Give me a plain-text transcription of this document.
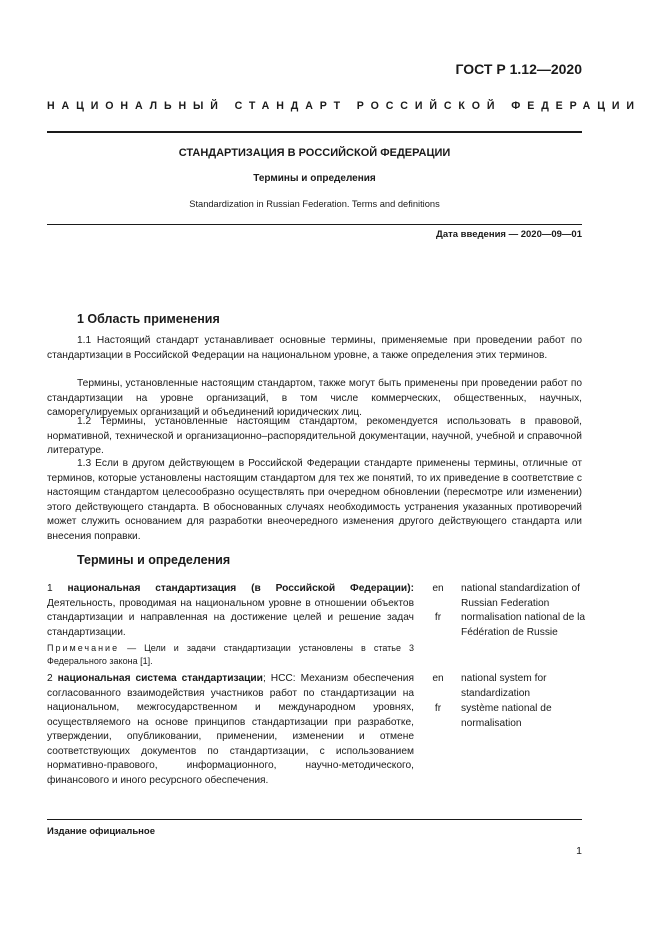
ГОСТ Р 1.12—2020
НАЦИОНАЛЬНЫЙ СТАНДАРТ РОССИЙСКОЙ ФЕДЕРАЦИИ
СТАНДАРТИЗАЦИЯ В РОССИЙСКОЙ ФЕДЕРАЦИИ
Термины и определения
Standardization in Russian Federation. Terms and definitions
Дата введения — 2020—09—01
1 Область применения

1.1 Настоящий стандарт устанавливает основные термины, применяемые при проведении работ по стандартизации в Российской Федерации на национальном уровне, а также определения этих терминов.

Термины, установленные настоящим стандартом, также могут быть применены при проведении работ по стандартизации на уровне организаций, в том числе коммерческих, общественных, научных, саморегулируемых организаций и объединений юридических лиц.

1.2 Термины, установленные настоящим стандартом, рекомендуется использовать в правовой, нормативной, технической и организационно–распорядительной документации, научной, учебной и справочной литературе.

1.3 Если в другом действующем в Российской Федерации стандарте применены термины, отличные от терминов, которые установлены настоящим стандартом для тех же понятий, то их приведение в соответствие с настоящим стандартом целесообразно осуществлять при очередном обновлении (пересмотре или изменении) этого действующего стандарта. В обоснованных случаях необходимость устранения указанных противоречий может служить основанием для разработки внеочередного изменения другого действующего стандарта или внесения поправки.

Термины и определения

1 национальная стандартизация (в Российской Федерации): Деятельность, проводимая на национальном уровне в отношении объектов стандартизации и направленная на достижение целей и решение задач стандартизации.

Примечание — Цели и задачи стандартизации установлены в статье 3 Федерального закона [1].

en	national standardization of Russian Federation
fr	normalisation national de la Fédération de Russie

2 национальная система стандартизации; НСС: Механизм обеспечения согласованного взаимодействия участников работ по стандартизации на национальном, межгосударственном и международном уровнях, осуществляемого на основе принципов стандартизации при разработке, утверждении, опубликовании, применении, изменении и отмене соответствующих документов по стандартизации, с использованием нормативно-правового, информационного, научно-методического, финансового и иного ресурсного обеспечения.

en	national system for standardization
fr	système national de normalisation
Издание официальное
1
